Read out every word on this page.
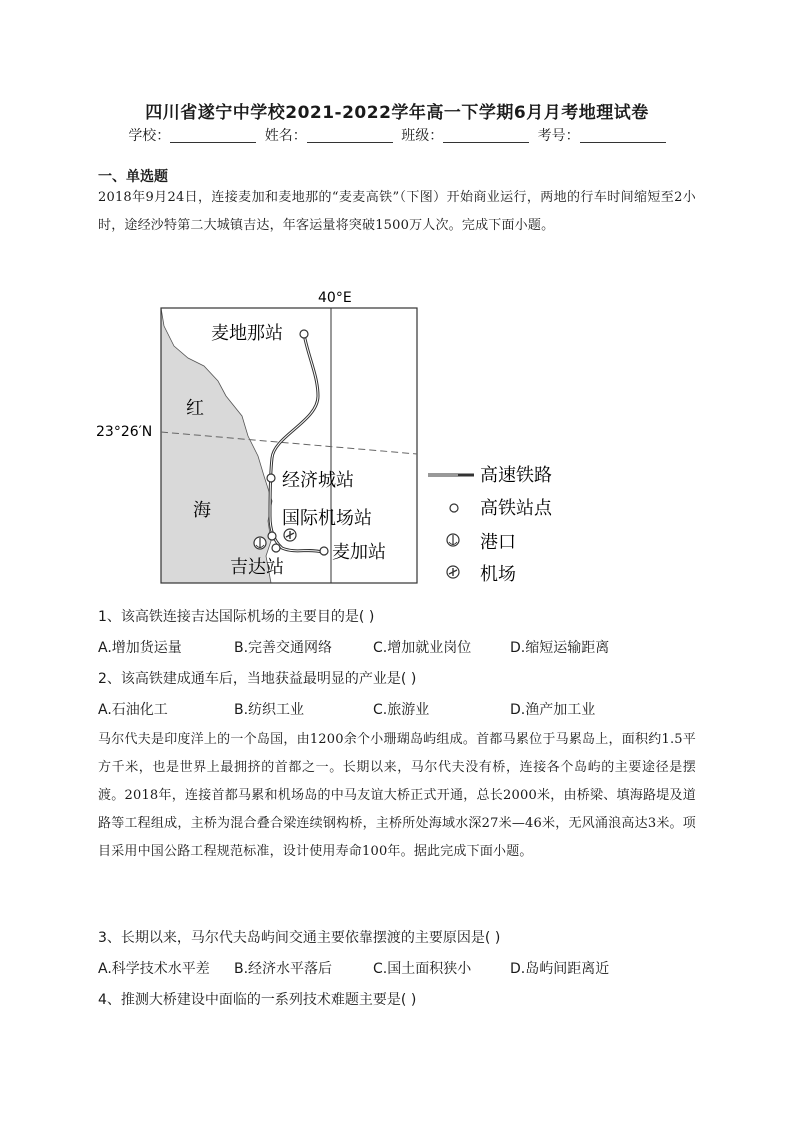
四川省遂宁中学校2021-2022学年高一下学期6月月考地理试卷
学校：	姓名：	班级：	考号：
一、单选题
2018年9月24日，连接麦加和麦地那的“麦麦高铁”（下图）开始商业运行，两地的行车时间缩短至2小时，途经沙特第二大城镇吉达，年客运量将突破1500万人次。完成下面小题。
40°E
23°26′N
红
海
麦地那站
经济城站
国际机场站
麦加站
吉达站
高速铁路
高铁站点
港口
机场
1、该高铁连接吉达国际机场的主要目的是( )
A.增加货运量	B.完善交通网络	C.增加就业岗位	D.缩短运输距离
2、该高铁建成通车后，当地获益最明显的产业是( )
A.石油化工	B.纺织工业	C.旅游业	D.渔产加工业
马尔代夫是印度洋上的一个岛国，由1200余个小珊瑚岛屿组成。首都马累位于马累岛上，面积约1.5平方千米，也是世界上最拥挤的首都之一。长期以来，马尔代夫没有桥，连接各个岛屿的主要途径是摆渡。2018年，连接首都马累和机场岛的中马友谊大桥正式开通，总长2000米，由桥梁、填海路堤及道路等工程组成，主桥为混合叠合梁连续钢构桥，主桥所处海域水深27米—46米，无风涌浪高达3米。项目采用中国公路工程规范标准，设计使用寿命100年。据此完成下面小题。
3、长期以来，马尔代夫岛屿间交通主要依靠摆渡的主要原因是( )
A.科学技术水平差 B.经济水平落后	C.国土面积狭小	D.岛屿间距离近
4、推测大桥建设中面临的一系列技术难题主要是( )
